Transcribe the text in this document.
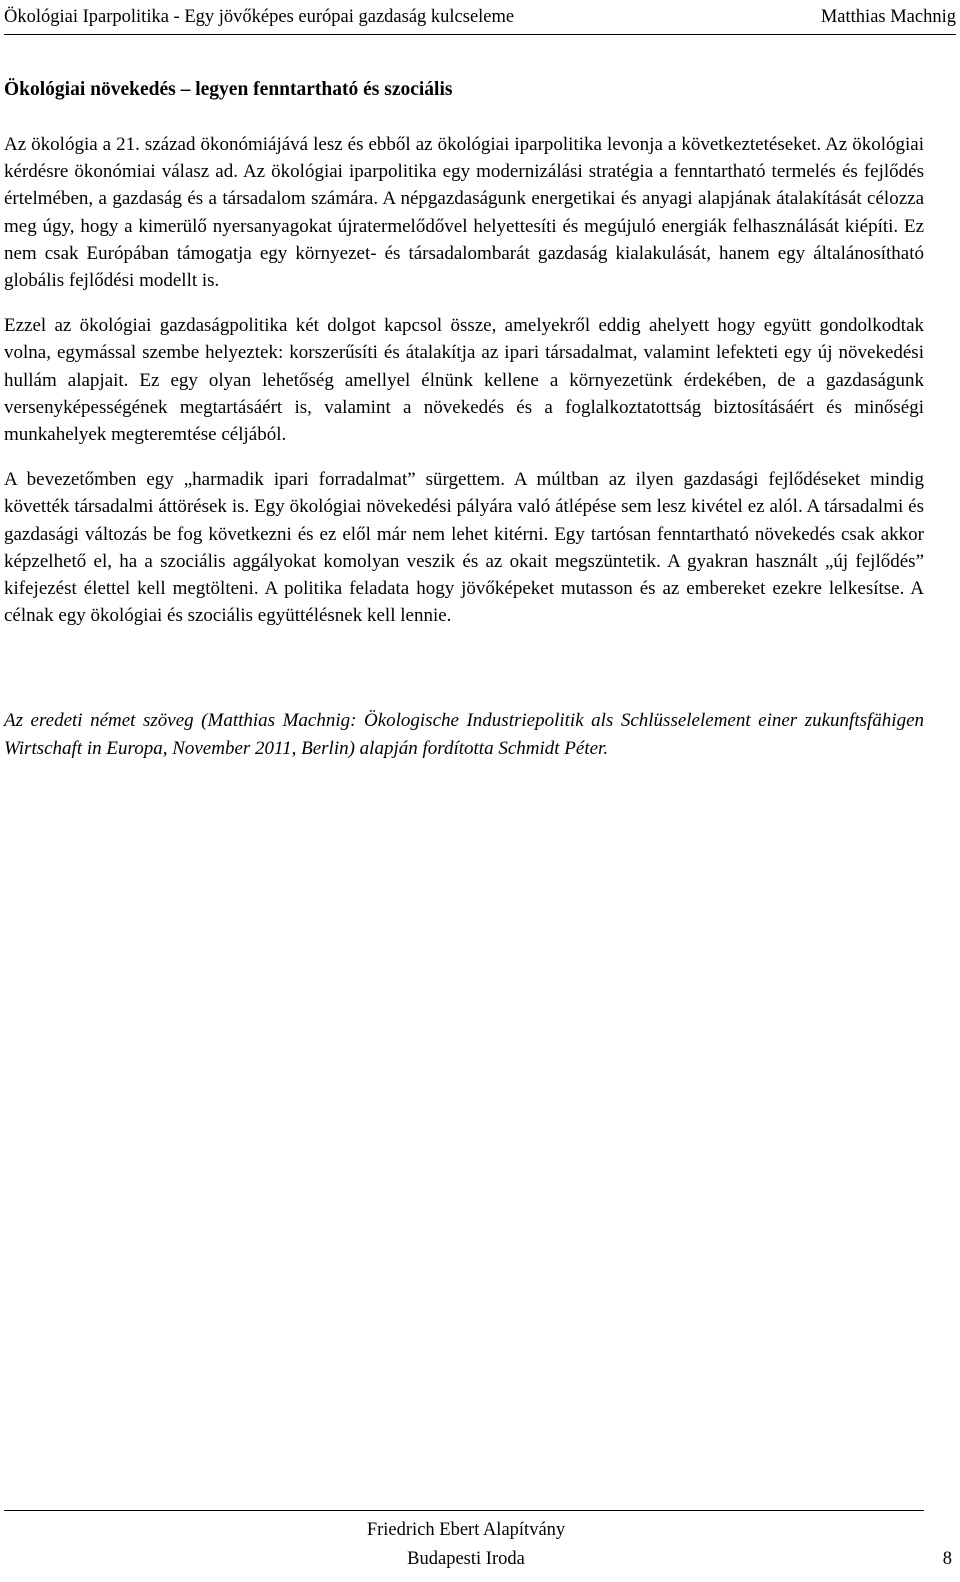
Ökológiai Iparpolitika - Egy jövőképes európai gazdaság kulcseleme	Matthias Machnig
Ökológiai növekedés – legyen fenntartható és szociális

Az ökológia a 21. század ökonómiájává lesz és ebből az ökológiai iparpolitika levonja a következtetéseket. Az ökológiai kérdésre ökonómiai válasz ad. Az ökológiai iparpolitika egy modernizálási stratégia a fenntartható termelés és fejlődés értelmében, a gazdaság és a társadalom számára. A népgazdaságunk energetikai és anyagi alapjának átalakítását célozza meg úgy, hogy a kimerülő nyersanyagokat újratermelődővel helyettesíti és megújuló energiák felhasználását kiépíti. Ez nem csak Európában támogatja egy környezet- és társadalombarát gazdaság kialakulását, hanem egy általánosítható globális fejlődési modellt is.

Ezzel az ökológiai gazdaságpolitika két dolgot kapcsol össze, amelyekről eddig ahelyett hogy együtt gondolkodtak volna, egymással szembe helyeztek: korszerűsíti és átalakítja az ipari társadalmat, valamint lefekteti egy új növekedési hullám alapjait. Ez egy olyan lehetőség amellyel élnünk kellene a környezetünk érdekében, de a gazdaságunk versenyképességének megtartásáért is, valamint a növekedés és a foglalkoztatottság biztosításáért és minőségi munkahelyek megteremtése céljából.

A bevezetőmben egy „harmadik ipari forradalmat” sürgettem. A múltban az ilyen gazdasági fejlődéseket mindig követték társadalmi áttörések is. Egy ökológiai növekedési pályára való átlépése sem lesz kivétel ez alól. A társadalmi és gazdasági változás be fog következni és ez elől már nem lehet kitérni. Egy tartósan fenntartható növekedés csak akkor képzelhető el, ha a szociális aggályokat komolyan veszik és az okait megszüntetik. A gyakran használt „új fejlődés” kifejezést élettel kell megtölteni. A politika feladata hogy jövőképeket mutasson és az embereket ezekre lelkesítse. A célnak egy ökológiai és szociális együttélésnek kell lennie.

Az eredeti német szöveg (Matthias Machnig: Ökologische Industriepolitik als Schlüsselelement einer zukunftsfähigen Wirtschaft in Europa, November 2011, Berlin) alapján fordította Schmidt Péter.

Friedrich Ebert Alapítvány
Budapesti Iroda	8
